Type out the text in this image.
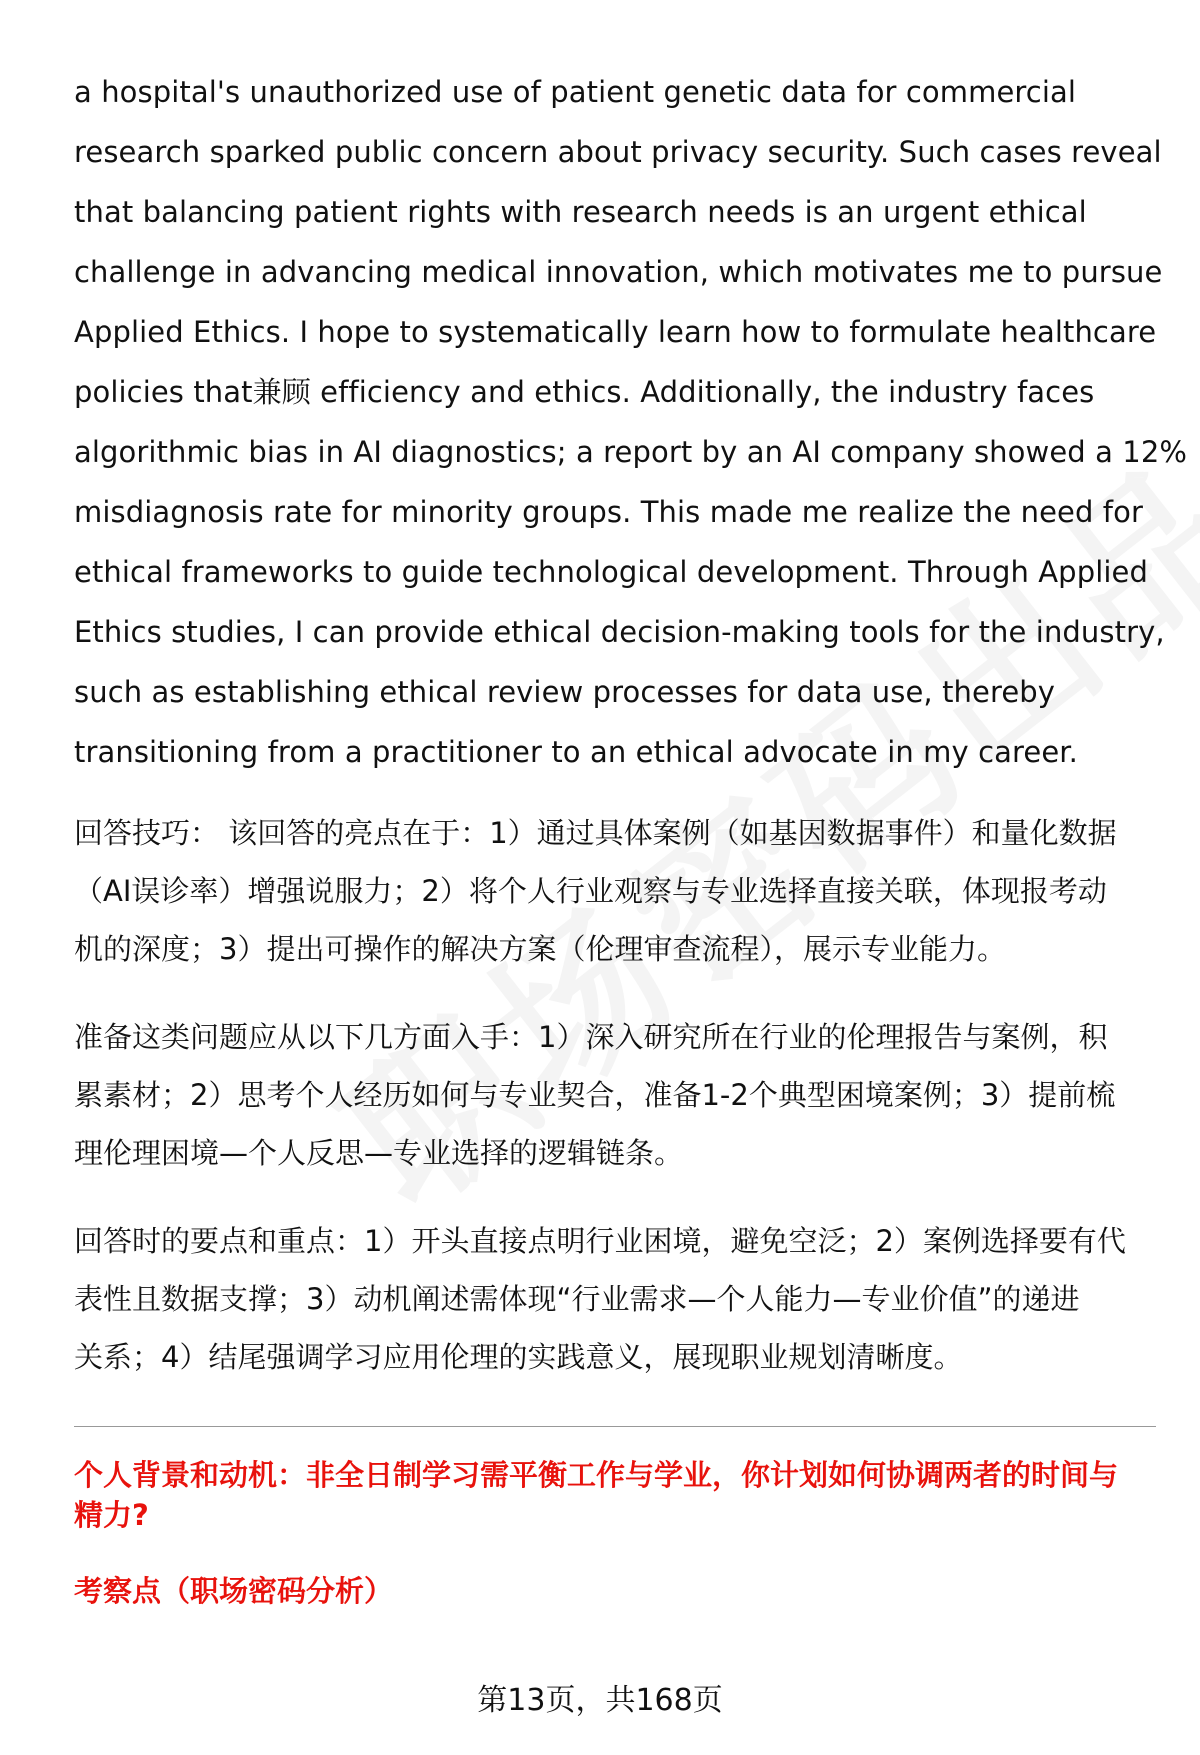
a hospital's unauthorized use of patient genetic data for commercial
research sparked public concern about privacy security. Such cases reveal
that balancing patient rights with research needs is an urgent ethical
challenge in advancing medical innovation, which motivates me to pursue
Applied Ethics. I hope to systematically learn how to formulate healthcare
policies that兼顾 efficiency and ethics. Additionally, the industry faces
algorithmic bias in AI diagnostics; a report by an AI company showed a 12%
misdiagnosis rate for minority groups. This made me realize the need for
ethical frameworks to guide technological development. Through Applied
Ethics studies, I can provide ethical decision-making tools for the industry,
such as establishing ethical review processes for data use, thereby
transitioning from a practitioner to an ethical advocate in my career.
回答技巧： 该回答的亮点在于：1）通过具体案例（如基因数据事件）和量化数据
（AI误诊率）增强说服力；2）将个人行业观察与专业选择直接关联，体现报考动
机的深度；3）提出可操作的解决方案（伦理审查流程），展示专业能力。
准备这类问题应从以下几方面入手：1）深入研究所在行业的伦理报告与案例，积
累素材；2）思考个人经历如何与专业契合，准备1-2个典型困境案例；3）提前梳
理伦理困境—个人反思—专业选择的逻辑链条。
回答时的要点和重点：1）开头直接点明行业困境，避免空泛；2）案例选择要有代
表性且数据支撑；3）动机阐述需体现“行业需求—个人能力—专业价值”的递进
关系；4）结尾强调学习应用伦理的实践意义，展现职业规划清晰度。
个人背景和动机：非全日制学习需平衡工作与学业，你计划如何协调两者的时间与
精力?
考察点（职场密码分析）
第13页，共168页
